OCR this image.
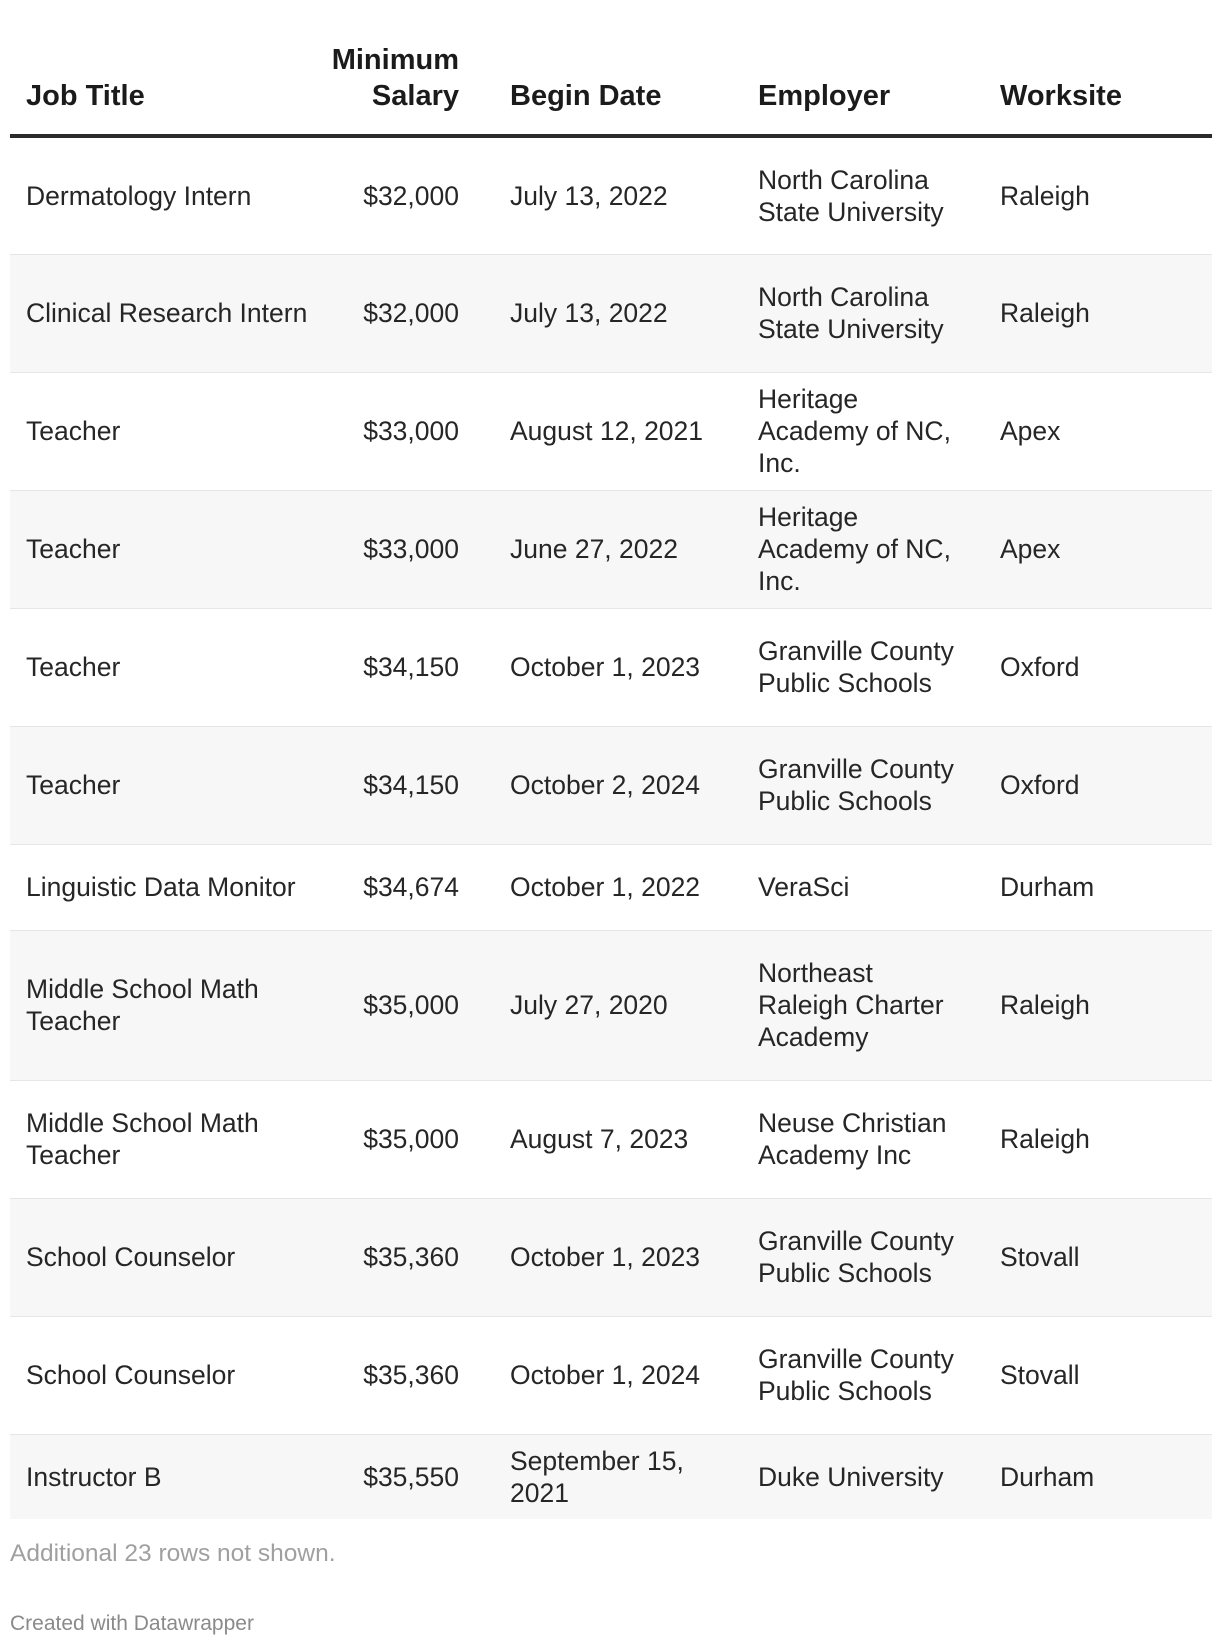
Job Title	Minimum Salary	Begin Date	Employer	Worksite
Dermatology Intern	$32,000	July 13, 2022	North Carolina State University	Raleigh
Clinical Research Intern	$32,000	July 13, 2022	North Carolina State University	Raleigh
Teacher	$33,000	August 12, 2021	Heritage Academy of NC, Inc.	Apex
Teacher	$33,000	June 27, 2022	Heritage Academy of NC, Inc.	Apex
Teacher	$34,150	October 1, 2023	Granville County Public Schools	Oxford
Teacher	$34,150	October 2, 2024	Granville County Public Schools	Oxford
Linguistic Data Monitor	$34,674	October 1, 2022	VeraSci	Durham
Middle School Math Teacher	$35,000	July 27, 2020	Northeast Raleigh Charter Academy	Raleigh
Middle School Math Teacher	$35,000	August 7, 2023	Neuse Christian Academy Inc	Raleigh
School Counselor	$35,360	October 1, 2023	Granville County Public Schools	Stovall
School Counselor	$35,360	October 1, 2024	Granville County Public Schools	Stovall
Instructor B	$35,550	September 15, 2021	Duke University	Durham
Additional 23 rows not shown.
Created with Datawrapper
